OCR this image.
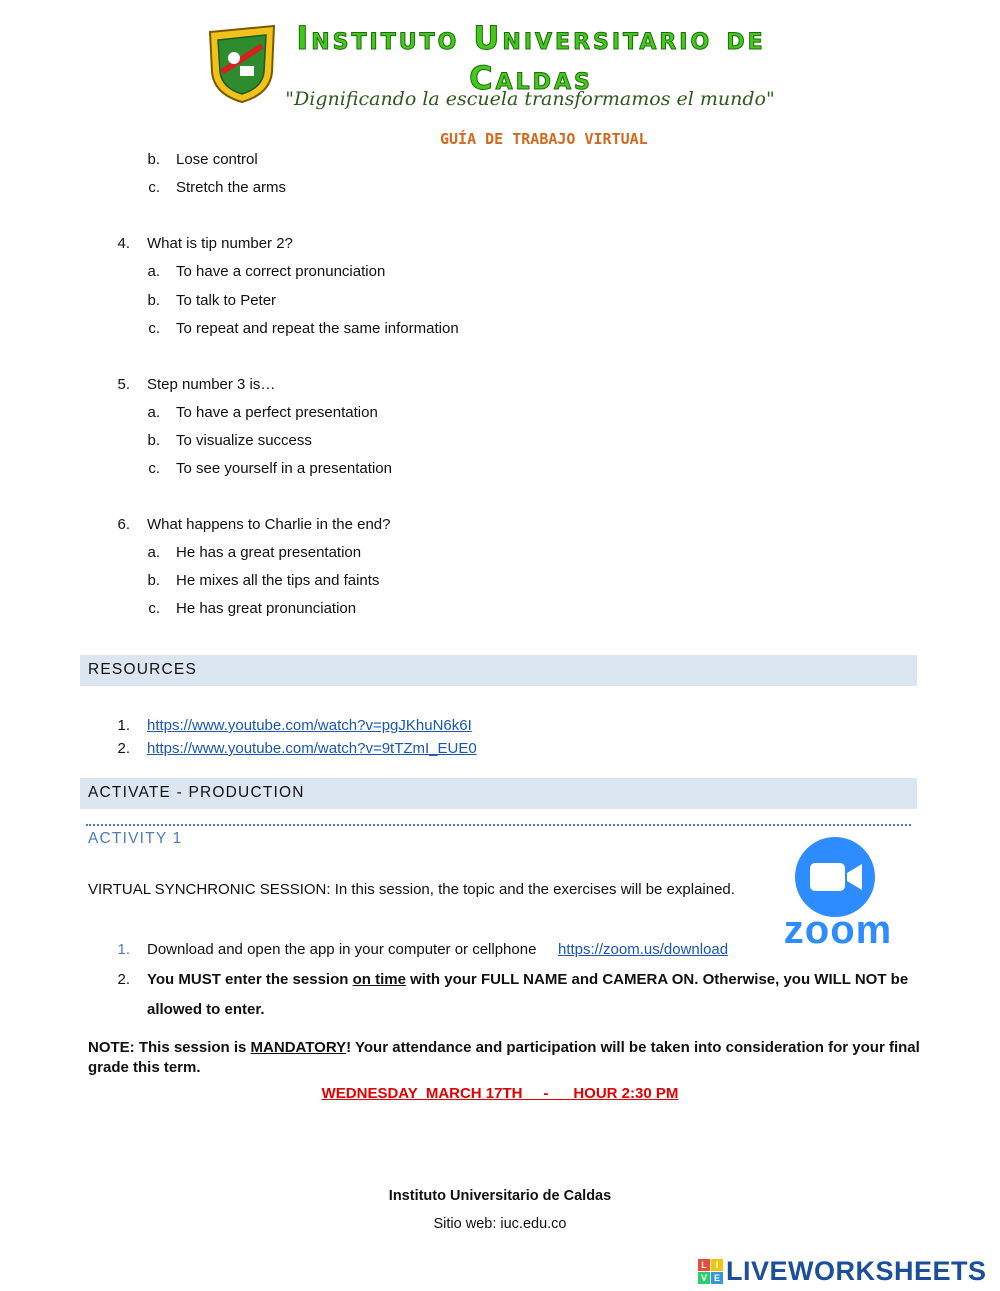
Instituto Universitario de Caldas
"Dignificando la escuela transformamos el mundo"
GUÍA DE TRABAJO VIRTUAL
b. Lose control
c. Stretch the arms
4. What is tip number 2?
a. To have a correct pronunciation
b. To talk to Peter
c. To repeat and repeat the same information
5. Step number 3 is…
a. To have a perfect presentation
b. To visualize success
c. To see yourself in a presentation
6. What happens to Charlie in the end?
a. He has a great presentation
b. He mixes all the tips and faints
c. He has great pronunciation
RESOURCES
1. https://www.youtube.com/watch?v=pgJKhuN6k6I
2. https://www.youtube.com/watch?v=9tTZmI_EUE0
ACTIVATE - PRODUCTION
ACTIVITY 1
VIRTUAL SYNCHRONIC SESSION: In this session, the topic and the exercises will be explained.
zoom
1. Download and open the app in your computer or cellphone https://zoom.us/download
2. You MUST enter the session on time with your FULL NAME and CAMERA ON. Otherwise, you WILL NOT be
allowed to enter.
NOTE: This session is MANDATORY! Your attendance and participation will be taken into consideration for your final
grade this term.
WEDNESDAY  MARCH 17TH     -      HOUR 2:30 PM
Instituto Universitario de Caldas
Sitio web: iuc.edu.co
L I
V E LIVEWORKSHEETS
